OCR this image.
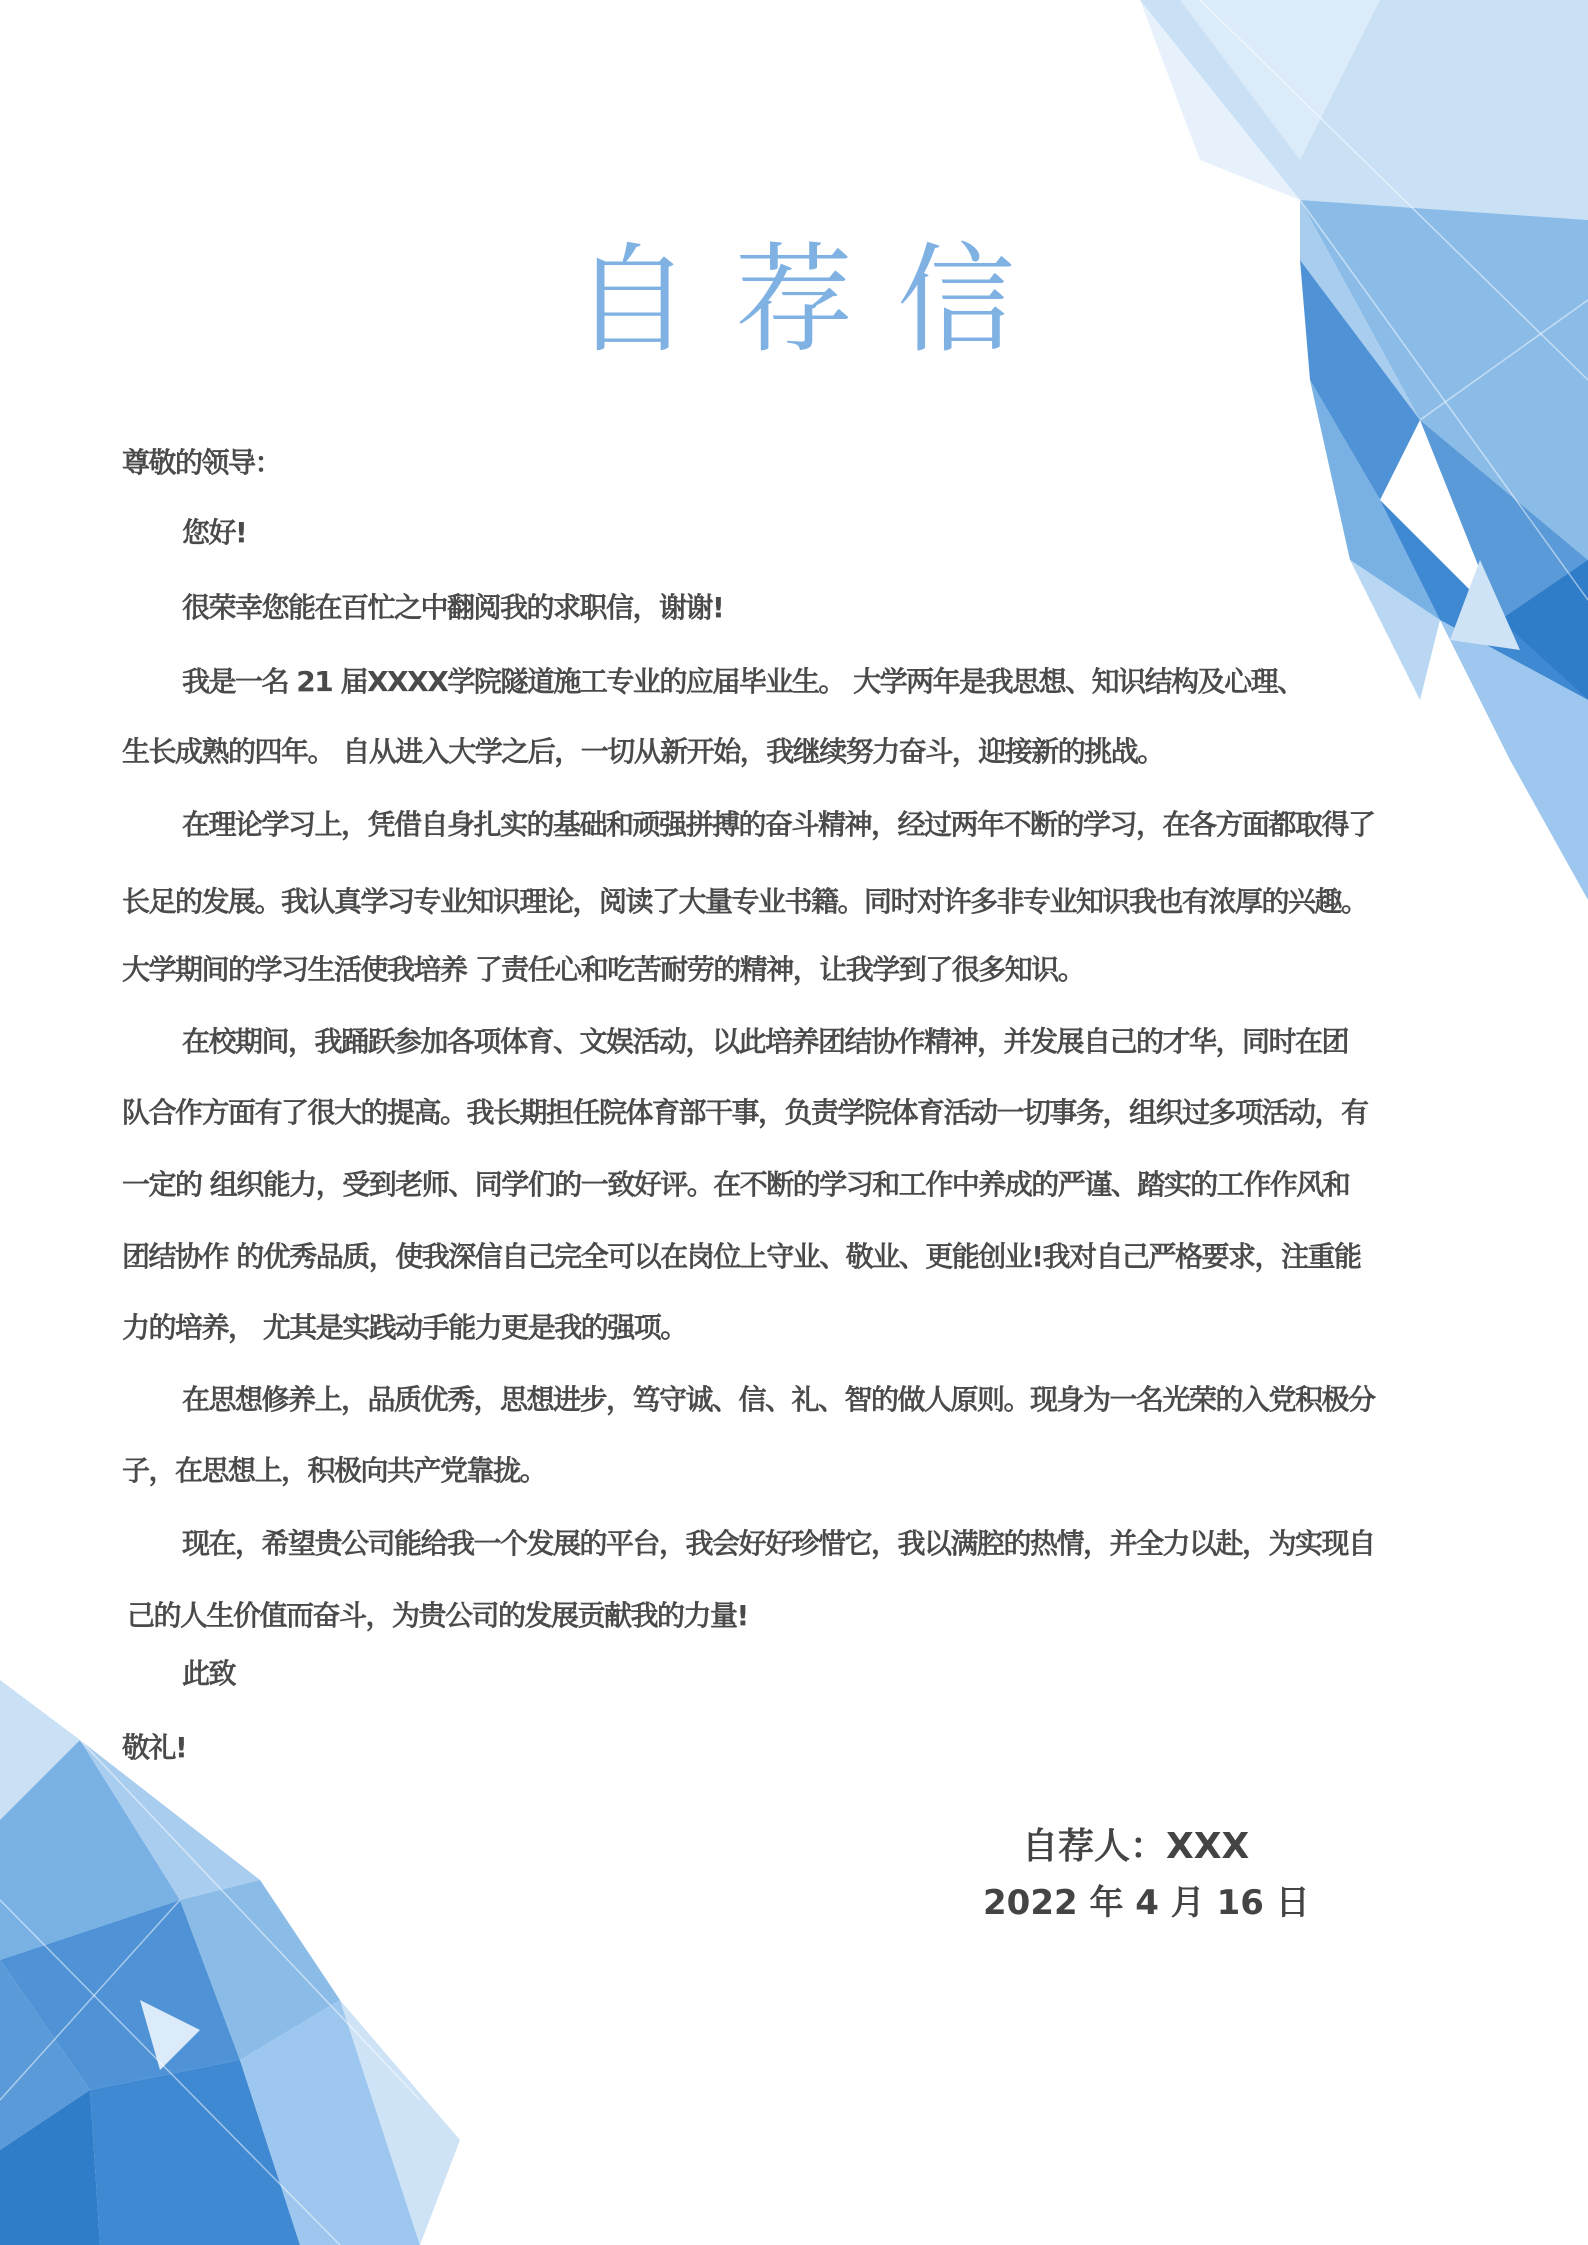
自荐信
尊敬的领导：
您好!
很荣幸您能在百忙之中翻阅我的求职信，谢谢!
我是一名 21 届XXXX学院隧道施工专业的应届毕业生。 大学两年是我思想、知识结构及心理、
生长成熟的四年。 自从进入大学之后，一切从新开始，我继续努力奋斗，迎接新的挑战。
在理论学习上，凭借自身扎实的基础和顽强拼搏的奋斗精神，经过两年不断的学习，在各方面都取得了
长足的发展。我认真学习专业知识理论，阅读了大量专业书籍。同时对许多非专业知识我也有浓厚的兴趣。
大学期间的学习生活使我培养 了责任心和吃苦耐劳的精神，让我学到了很多知识。
在校期间，我踊跃参加各项体育、文娱活动，以此培养团结协作精神，并发展自己的才华，同时在团
队合作方面有了很大的提高。我长期担任院体育部干事，负责学院体育活动一切事务，组织过多项活动，有
一定的 组织能力，受到老师、同学们的一致好评。在不断的学习和工作中养成的严谨、踏实的工作作风和
团结协作 的优秀品质，使我深信自己完全可以在岗位上守业、敬业、更能创业!我对自己严格要求，注重能
力的培养， 尤其是实践动手能力更是我的强项。
在思想修养上，品质优秀，思想进步，笃守诚、信、礼、智的做人原则。现身为一名光荣的入党积极分
子，在思想上，积极向共产党靠拢。
现在，希望贵公司能给我一个发展的平台，我会好好珍惜它，我以满腔的热情，并全力以赴，为实现自
己的人生价值而奋斗，为贵公司的发展贡献我的力量!
此致
敬礼!
自荐人：XXX
2022 年 4 月 16 日
